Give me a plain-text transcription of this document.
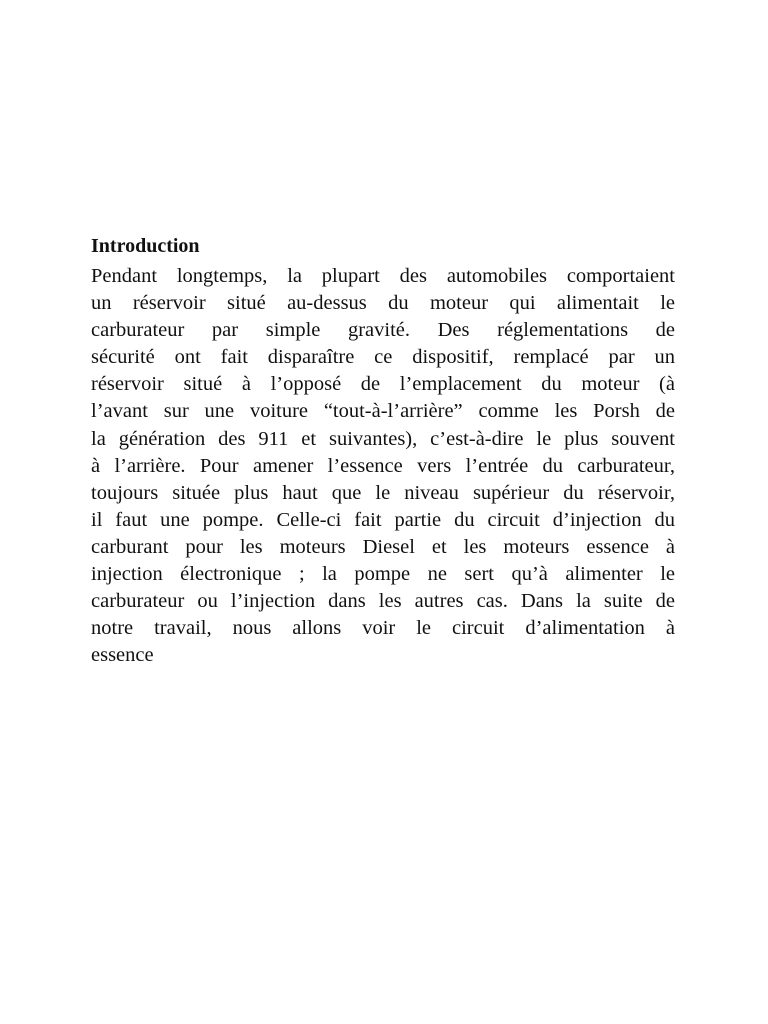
Introduction
Pendant longtemps, la plupart des automobiles comportaient
un réservoir situé au-dessus du moteur qui alimentait le
carburateur par simple gravité. Des réglementations de
sécurité ont fait disparaître ce dispositif, remplacé par un
réservoir situé à l’opposé de l’emplacement du moteur (à
l’avant sur une voiture “tout-à-l’arrière” comme les Porsh de
la génération des 911 et suivantes), c’est-à-dire le plus souvent
à l’arrière. Pour amener l’essence vers l’entrée du carburateur,
toujours située plus haut que le niveau supérieur du réservoir,
il faut une pompe. Celle-ci fait partie du circuit d’injection du
carburant pour les moteurs Diesel et les moteurs essence à
injection électronique ; la pompe ne sert qu’à alimenter le
carburateur ou l’injection dans les autres cas. Dans la suite de
notre travail, nous allons voir le circuit d’alimentation à
essence
